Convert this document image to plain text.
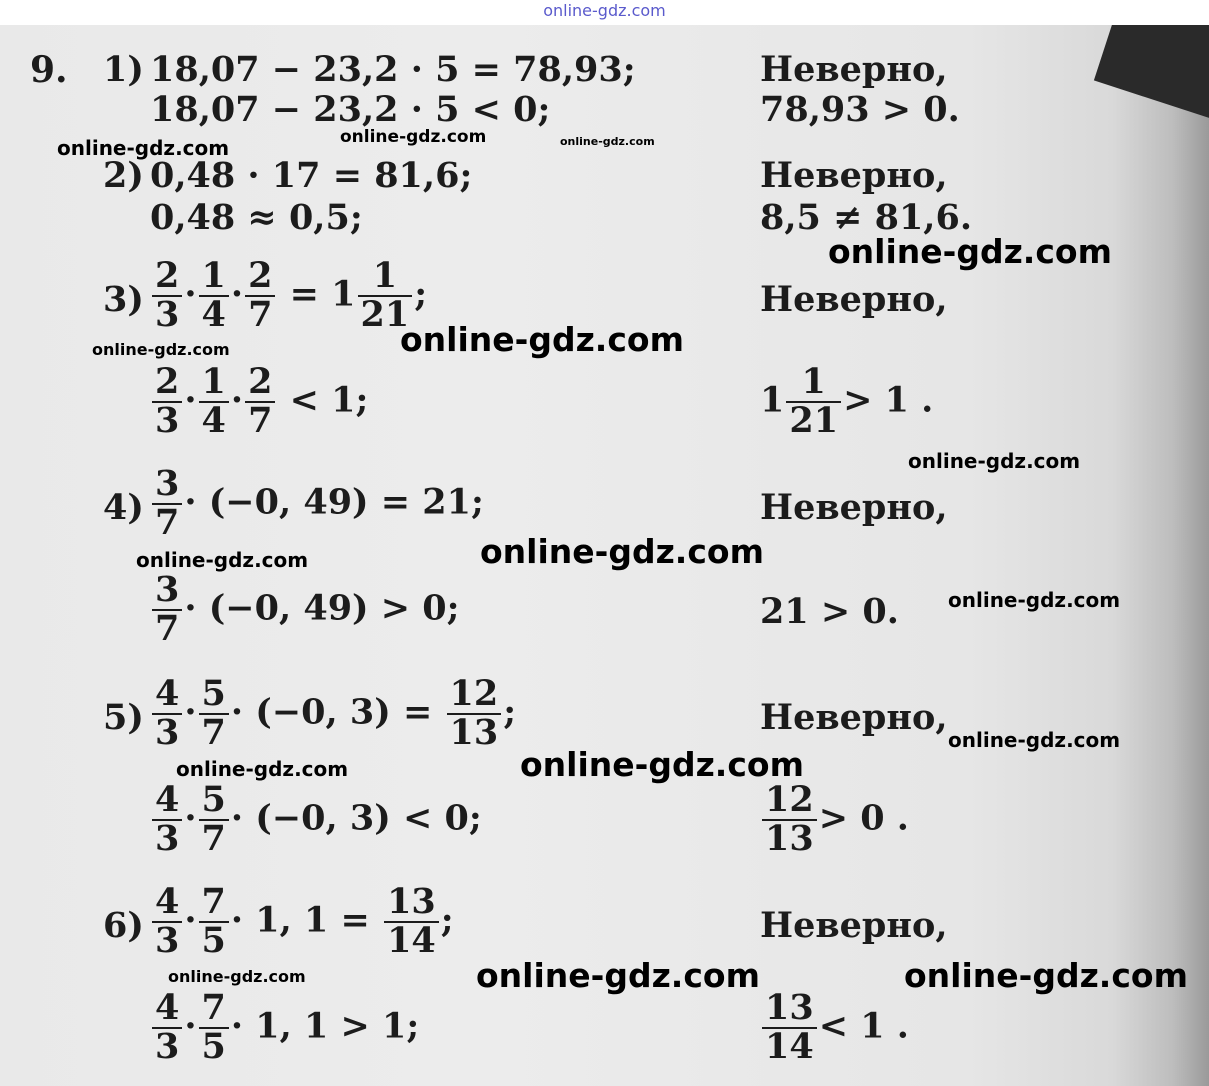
online-gdz.com
9. 1) 18,07 − 23,2 · 5 = 78,93;
18,07 − 23,2 · 5 < 0;
Неверно,
78,93 > 0.
2) 0,48 · 17 = 81,6;
0,48 ≈ 0,5;
Неверно,
8,5 ≠ 81,6.
$3) \frac{2}{3} \cdot \frac{1}{4} \cdot \frac{2}{7} = 1 \frac{1}{21}$ ;
$\frac{2}{3} \cdot \frac{1}{4} \cdot \frac{2}{7} < 1$;
Неверно,
$1 \frac{1}{21} > 1$ .
$4) \frac{3}{7} \cdot (-0$, 49) = 21;
$\frac{3}{7} \cdot (-0$, 49) > 0;
Неверно,
21 > 0.
$5) \frac{4}{3} \cdot \frac{5}{7} \cdot (-0$, $3) = \frac{12}{13}$ ;
$\frac{4}{3} \cdot \frac{5}{7} \cdot (-0$, 3) < 0;
Неверно,
$\frac{12}{13} > 0$ .
$6) \frac{4}{3} \cdot \frac{7}{5} \cdot 1$, $1 = \frac{13}{14}$ ;
$\frac{4}{3} \cdot \frac{7}{5} \cdot 1$, 1 > 1;
Неверно,
$\frac{13}{14} < 1$ .
online-gdz.com	online-gdz.com	online-gdz.com
online-gdz.com
online-gdz.com
online-gdz.com
online-gdz.com
online-gdz.com	online-gdz.com
online-gdz.com
online-gdz.com
online-gdz.com	online-gdz.com
online-gdz.com	online-gdz.com	online-gdz.com
